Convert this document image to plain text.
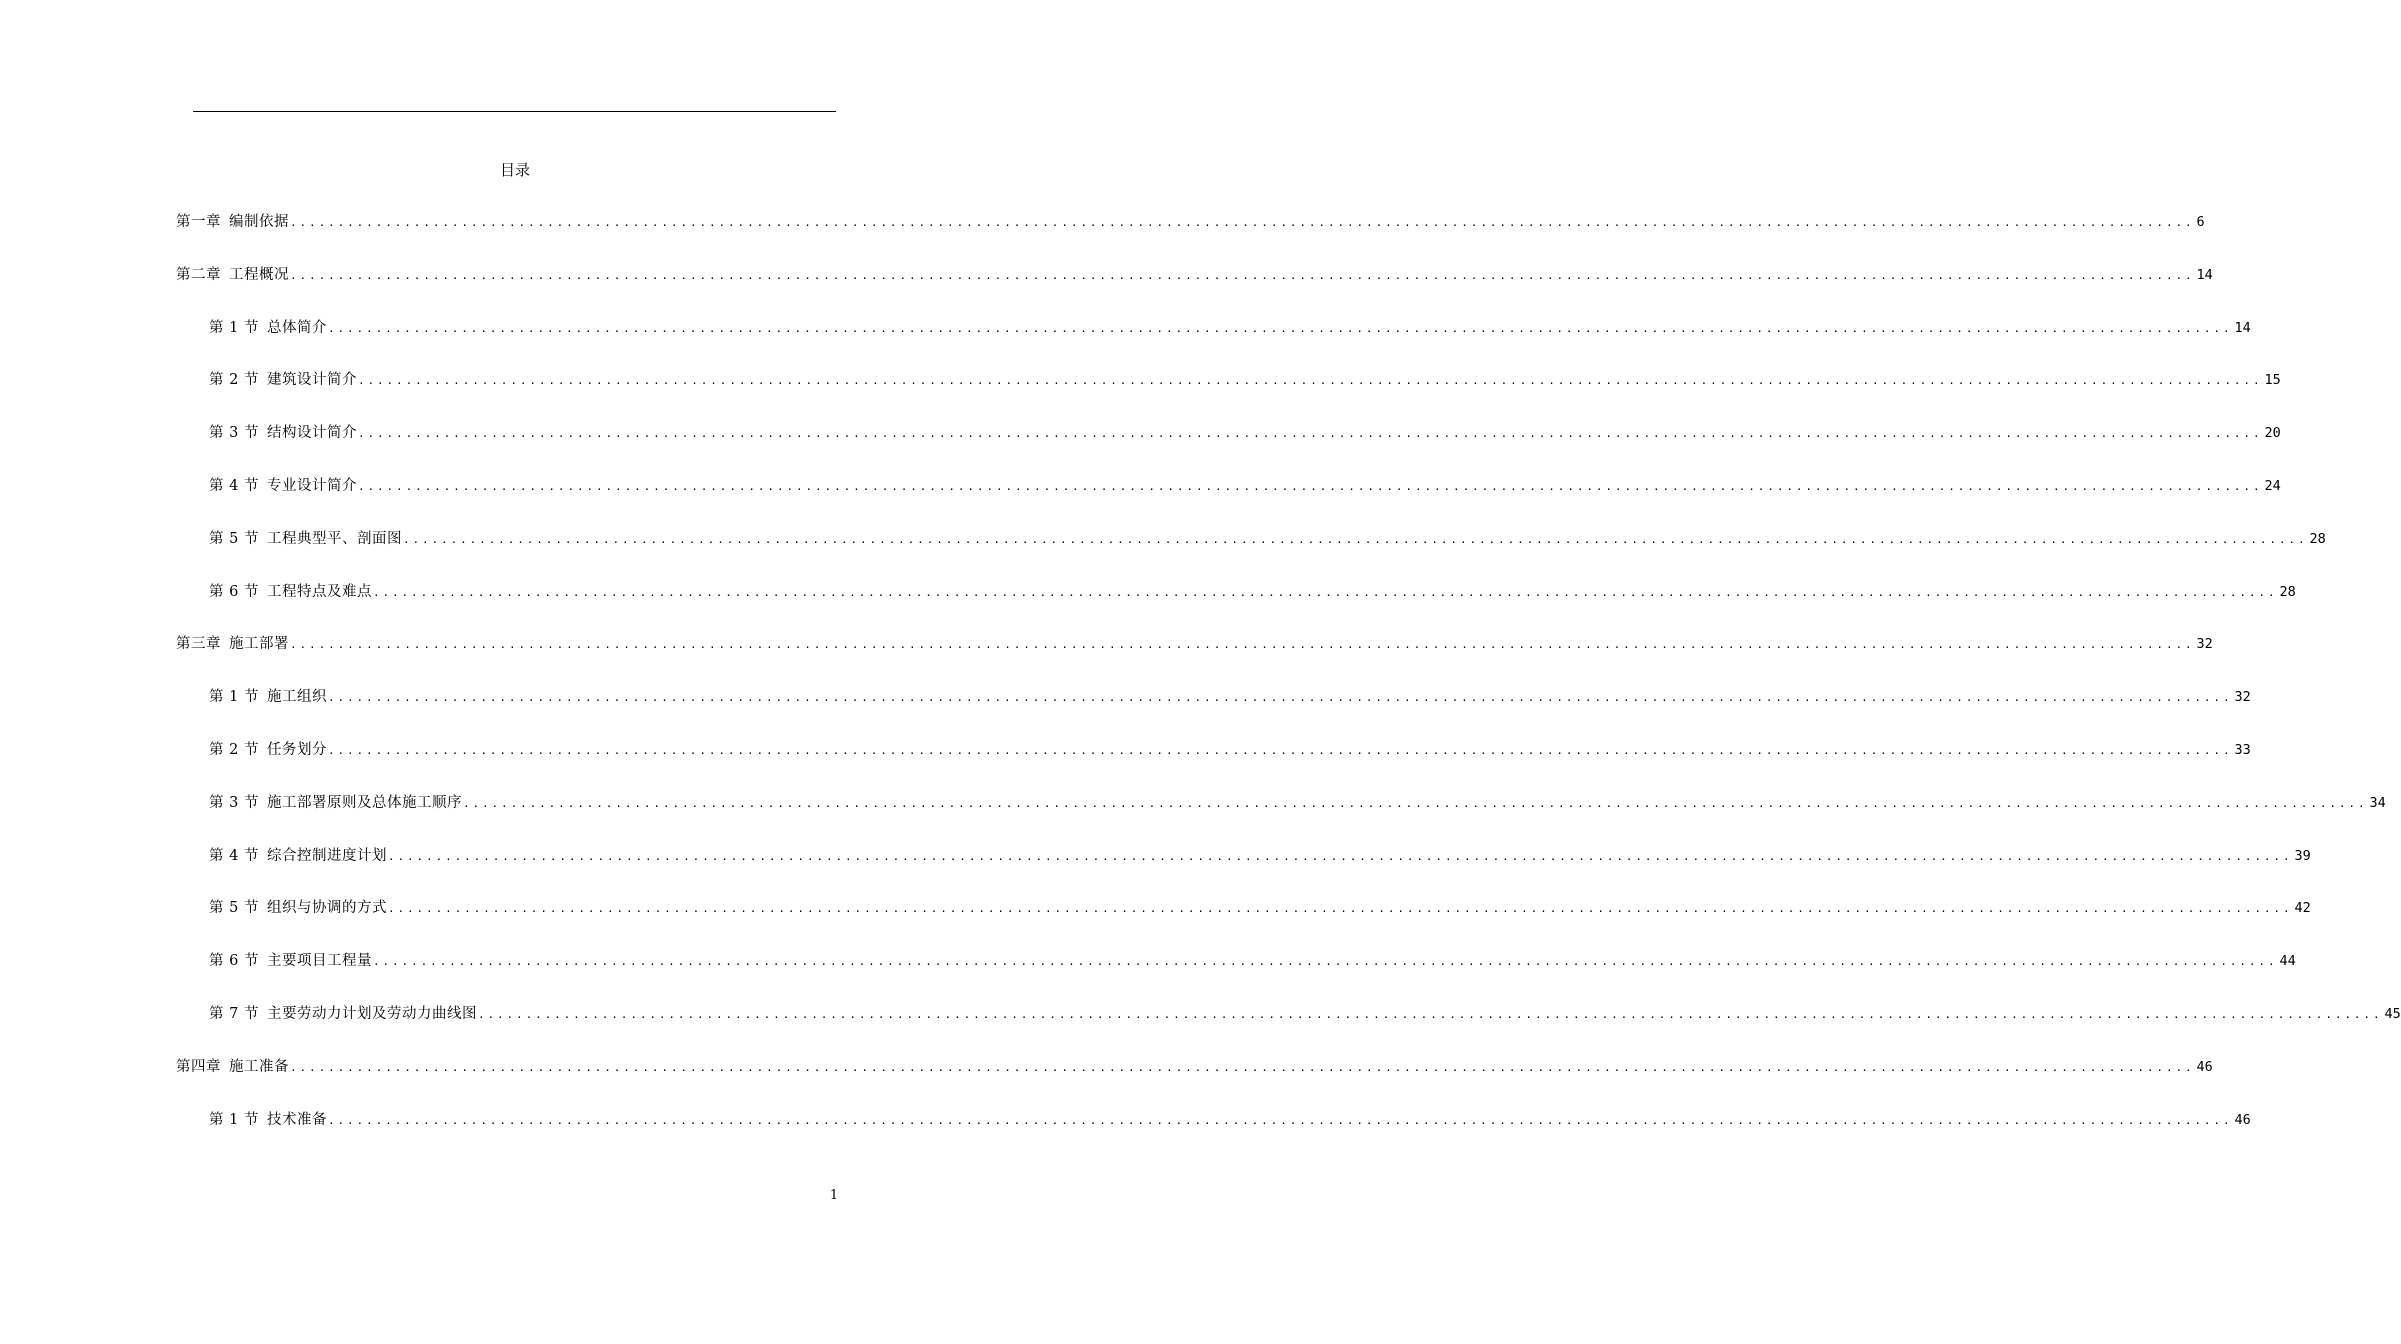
目录
第一章 编制依据 ........................................................................................................................................................................................................ 6
第二章 工程概况 ........................................................................................................................................................................................................ 14
第 1 节 总体简介 ........................................................................................................................................................................................................ 14
第 2 节 建筑设计简介 ........................................................................................................................................................................................................ 15
第 3 节 结构设计简介 ........................................................................................................................................................................................................ 20
第 4 节 专业设计简介 ........................................................................................................................................................................................................ 24
第 5 节 工程典型平、剖面图 ........................................................................................................................................................................................................ 28
第 6 节 工程特点及难点 ........................................................................................................................................................................................................ 28
第三章 施工部署 ........................................................................................................................................................................................................ 32
第 1 节 施工组织 ........................................................................................................................................................................................................ 32
第 2 节 任务划分 ........................................................................................................................................................................................................ 33
第 3 节 施工部署原则及总体施工顺序 ........................................................................................................................................................................................................ 34
第 4 节 综合控制进度计划 ........................................................................................................................................................................................................ 39
第 5 节 组织与协调的方式 ........................................................................................................................................................................................................ 42
第 6 节 主要项目工程量 ........................................................................................................................................................................................................ 44
第 7 节 主要劳动力计划及劳动力曲线图 ........................................................................................................................................................................................................ 45
第四章 施工准备 ........................................................................................................................................................................................................ 46
第 1 节 技术准备 ........................................................................................................................................................................................................ 46
1
